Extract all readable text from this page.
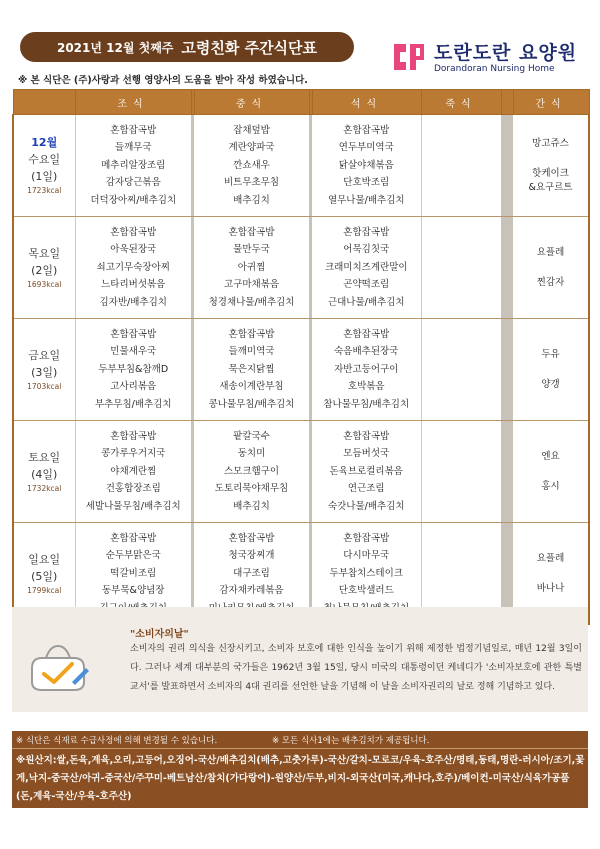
2021년 12월 첫째주 고령친화 주간식단표	도란도란 요양원
Dorandoran Nursing Home
※ 본 식단은 (주)사랑과 선행 영양사의 도움을 받아 작성 하였습니다.
	조식		중식		석식	죽식		간식

12월
수요일
(1일)
1723kcal	혼합잡곡밥
들깨무국
메추리알장조림
감자당근볶음
더덕장아찌/배추김치		잡채덮밥
계란양파국
깐쇼새우
비트무초무침
배추김치		혼합잡곡밥
연두부미역국
닭살야채볶음
단호박조림
열무나물/배추김치			망고쥬스
핫케이크
&요구르트

목요일
(2일)
1693kcal	혼합잡곡밥
아욱된장국
쇠고기무숙장아찌
느타리버섯볶음
김자반/배추김치		혼합잡곡밥
물만두국
아귀찜
고구마채볶음
청경채나물/배추김치		혼합잡곡밥
어묵김칫국
크래미치즈계란말이
곤약떡조림
근대나물/배추김치			요플레
찐감자

금요일
(3일)
1703kcal	혼합잡곡밥
민물새우국
두부부침&참깨D
고사리볶음
부추무침/배추김치		혼합잡곡밥
들깨미역국
묵은지닭찜
새송이계란부침
콩나물무침/배추김치		혼합잡곡밥
숙음배추된장국
자반고등어구이
호박볶음
참나물무침/배추김치			두유
양갱

토요일
(4일)
1732kcal	혼합잡곡밥
콩가루우거지국
야채계란찜
건홍합장조림
세발나물무침/배추김치		팥칼국수
동치미
스모크햄구이
도토리묵야채무침
배추김치		혼합잡곡밥
모듬버섯국
돈육브로컬리볶음
연근조림
숙갓나물/배추김치			엔요
홍시

일요일
(5일)
1799kcal	혼합잡곡밥
순두부맑은국
떡갈비조림
동부묵&양념장		혼합잡곡밥
청국장찌개
대구조림
감자채카레볶음		혼합잡곡밥
다시마무국
두부참치스테이크
단호박샐러드			요플레
바나나
"소비자의날"
소비자의 권리 의식을 신장시키고, 소비자 보호에 대한 인식을 높이기 위해 제정한 법정기념일로, 매년 12월 3일이다. 그러나 세계 대부분의 국가들은 1962년 3월 15일, 당시 미국의 대통령이던 케네디가 '소비자보호에 관한 특별교서'를 발표하면서 소비자의 4대 권리를 선언한 날을 기념해 이 날을 소비자권리의 날로 정해 기념하고 있다.
※ 식단은 식재료 수급사정에 의해 변경될 수 있습니다.	※ 모든 식사1에는 배추김치가 제공됩니다.
※원산지:쌀,돈육,계육,오리,고등어,오징어-국산/배추김치(배추,고춧가루)-국산/갈치-모로코/우육-호주산/명태,동태,명란-러시아/조기,꽃게,낙지-중국산/아귀-중국산/주꾸미-베트남산/참치(가다랑어)-원양산/두부,비지-외국산(미국,캐나다,호주)/베이컨-미국산/식육가공품(돈,계육-국산/우육-호주산)
